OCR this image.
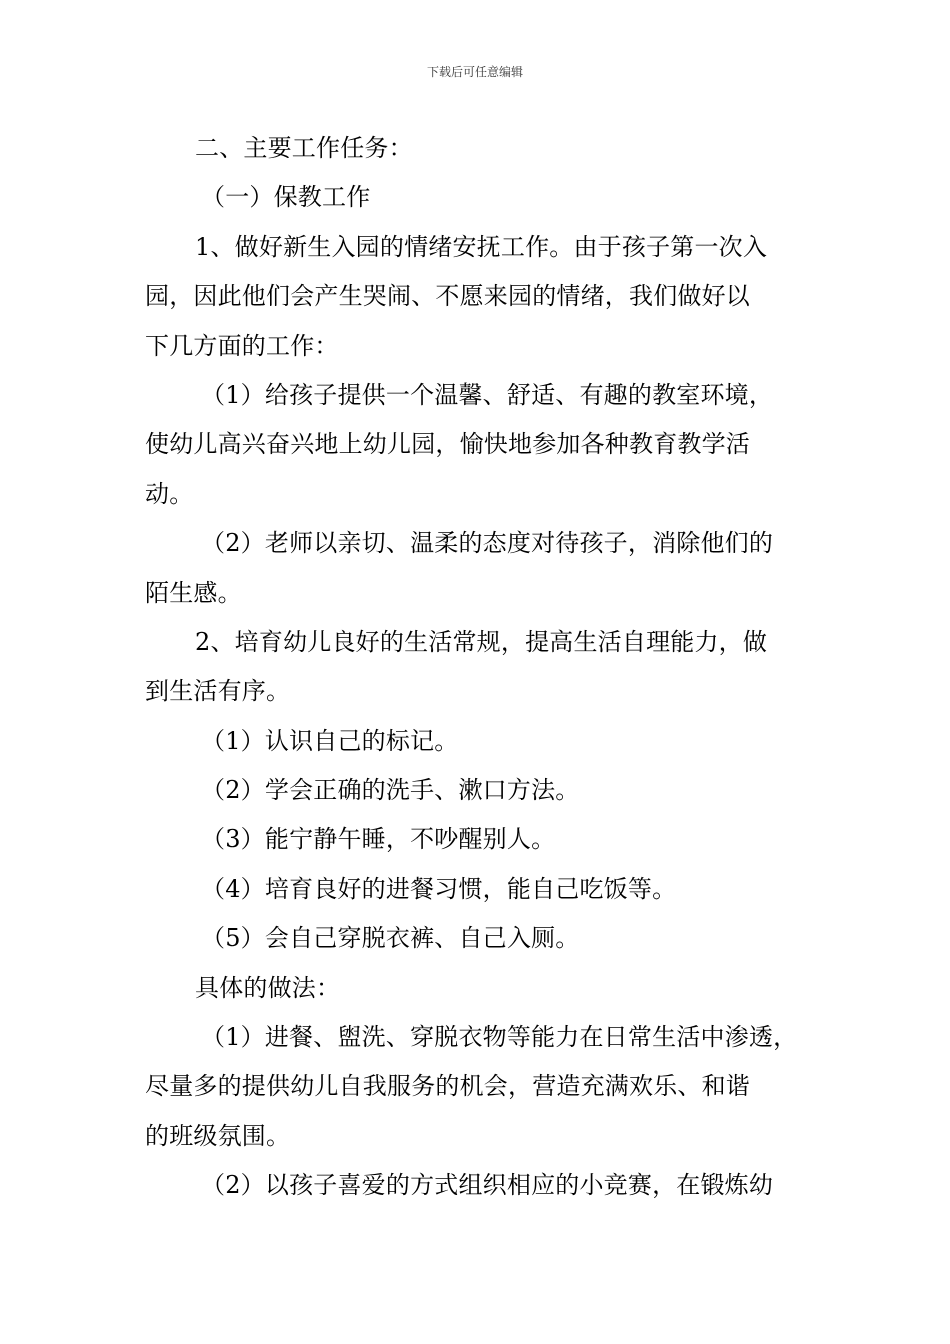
下载后可任意编辑
二、主要工作任务：
（一）保教工作
1、做好新生入园的情绪安抚工作。由于孩子第一次入
园，因此他们会产生哭闹、不愿来园的情绪，我们做好以
下几方面的工作：
（1）给孩子提供一个温馨、舒适、有趣的教室环境，
使幼儿高兴奋兴地上幼儿园，愉快地参加各种教育教学活
动。
（2）老师以亲切、温柔的态度对待孩子，消除他们的
陌生感。
2、培育幼儿良好的生活常规，提高生活自理能力，做
到生活有序。
（1）认识自己的标记。
（2）学会正确的洗手、漱口方法。
（3）能宁静午睡，不吵醒别人。
（4）培育良好的进餐习惯，能自己吃饭等。
（5）会自己穿脱衣裤、自己入厕。
具体的做法：
（1）进餐、盥洗、穿脱衣物等能力在日常生活中渗透，
尽量多的提供幼儿自我服务的机会，营造充满欢乐、和谐
的班级氛围。
（2）以孩子喜爱的方式组织相应的小竞赛，在锻炼幼
